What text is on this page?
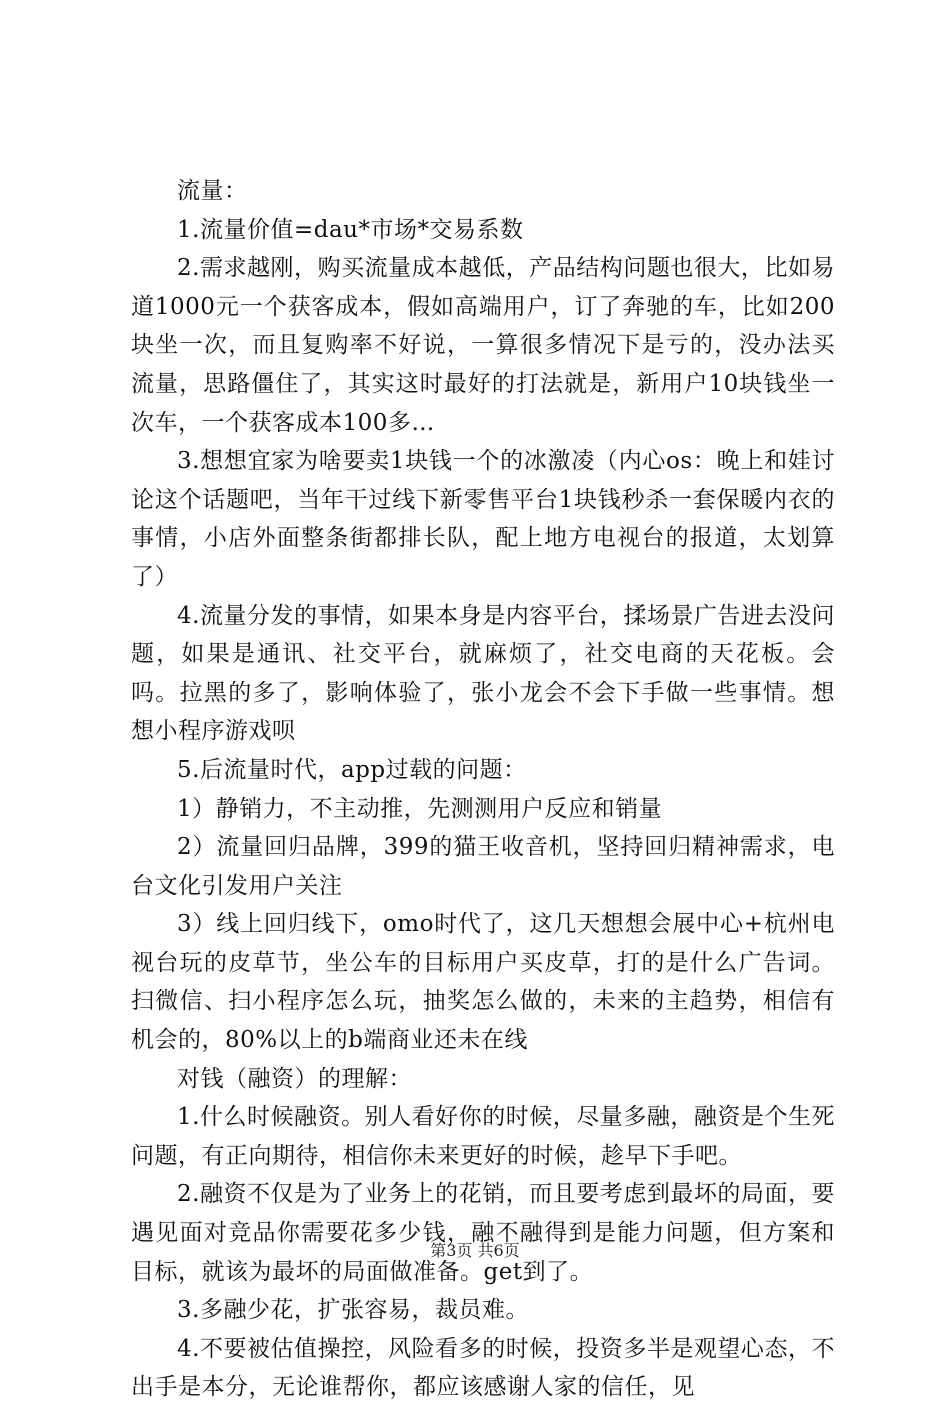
流量：

1.流量价值=dau*市场*交易系数

2.需求越刚，购买流量成本越低，产品结构问题也很大，比如易道1000元一个获客成本，假如高端用户，订了奔驰的车，比如200块坐一次，而且复购率不好说，一算很多情况下是亏的，没办法买流量，思路僵住了，其实这时最好的打法就是，新用户10块钱坐一次车，一个获客成本100多…

3.想想宜家为啥要卖1块钱一个的冰激凌（内心os：晚上和娃讨论这个话题吧，当年干过线下新零售平台1块钱秒杀一套保暖内衣的事情，小店外面整条街都排长队，配上地方电视台的报道，太划算了）

4.流量分发的事情，如果本身是内容平台，揉场景广告进去没问题，如果是通讯、社交平台，就麻烦了，社交电商的天花板。会吗。拉黑的多了，影响体验了，张小龙会不会下手做一些事情。想想小程序游戏呗

5.后流量时代，app过载的问题：

1）静销力，不主动推，先测测用户反应和销量

2）流量回归品牌，399的猫王收音机，坚持回归精神需求，电台文化引发用户关注

3）线上回归线下，omo时代了，这几天想想会展中心+杭州电视台玩的皮草节，坐公车的目标用户买皮草，打的是什么广告词。扫微信、扫小程序怎么玩，抽奖怎么做的，未来的主趋势，相信有机会的，80%以上的b端商业还未在线

对钱（融资）的理解：

1.什么时候融资。别人看好你的时候，尽量多融，融资是个生死问题，有正向期待，相信你未来更好的时候，趁早下手吧。

2.融资不仅是为了业务上的花销，而且要考虑到最坏的局面，要遇见面对竞品你需要花多少钱，融不融得到是能力问题，但方案和目标，就该为最坏的局面做准备。get到了。

3.多融少花，扩张容易，裁员难。

4.不要被估值操控，风险看多的时候，投资多半是观望心态，不出手是本分，无论谁帮你，都应该感谢人家的信任，见

第3页 共6页
